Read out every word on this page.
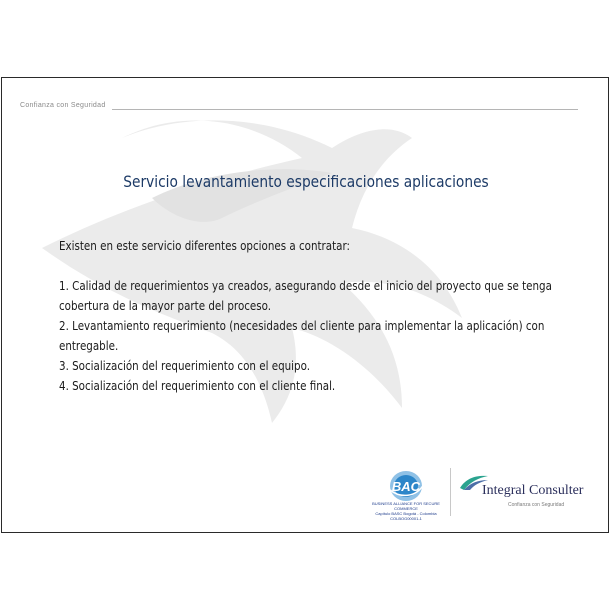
Confianza con Seguridad
Servicio levantamiento especificaciones aplicaciones

Existen en este servicio diferentes opciones a contratar:

1. Calidad de requerimientos ya creados, asegurando desde el inicio del proyecto que se tenga cobertura de la mayor parte del proceso.

2. Levantamiento requerimiento (necesidades del cliente para implementar la aplicación) con entregable.

3. Socialización del requerimiento con el equipo.

4. Socialización del requerimiento con el cliente final.

BAC
BUSINESS ALLIANCE FOR SECURE COMMERCE
Capítulo BASC Bogotá - Colombia
COLBOG00001-1
Integral Consulter
Confianza con Seguridad
